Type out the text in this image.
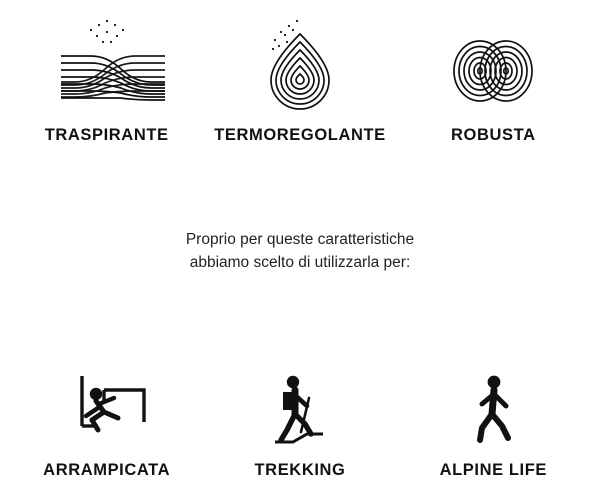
TRASPIRANTE	TERMOREGOLANTE	ROBUSTA
Proprio per queste caratteristiche
abbiamo scelto di utilizzarla per:
ARRAMPICATA	TREKKING	ALPINE LIFE
